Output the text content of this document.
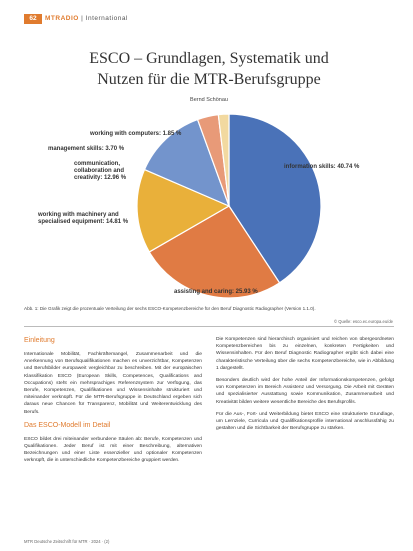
62	MTRADIO | International
ESCO – Grundlagen, Systematik und
Nutzen für die MTR-Berufsgruppe
Bernd Schönau
information skills: 40.74 %
assisting and caring: 25.93 %
working with machinery and specialised equipment: 14.81 %
communication, collaboration and creativity: 12.96 %
management skills: 3.70 %
working with computers: 1.85 %
Abb. 1: Die Grafik zeigt die prozentuale Verteilung der sechs ESCO-Kompetenzbereiche für den Beruf Diagnostic Radiographer (Version 1.1.0).
© Quelle: esco.ec.europa.eu/de
Einleitung

Internationale Mobilität, Fachkräftemangel, Zusammenarbeit und die Anerkennung von Berufsqualifikationen machen es unverzichtbar, Kompetenzen und Berufsbilder europaweit vergleichbar zu beschreiben. Mit der europäischen Klassifikation ESCO (European Skills, Competences, Qualifications and Occupations) steht ein mehrsprachiges Referenzsystem zur Verfügung, das Berufe, Kompetenzen, Qualifikationen und Wissensinhalte strukturiert und miteinander verknüpft. Für die MTR-Berufsgruppe in Deutschland ergeben sich daraus neue Chancen für Transparenz, Mobilität und Weiterentwicklung des Berufs.

Das ESCO-Modell im Detail

ESCO bildet drei miteinander verbundene Säulen ab: Berufe, Kompetenzen und Qualifikationen. Jeder Beruf ist mit einer Beschreibung, alternativen Bezeichnungen und einer Liste essenzieller und optionaler Kompetenzen verknüpft, die in unterschiedliche Kompetenzbereiche gruppiert werden.

Die Kompetenzen sind hierarchisch organisiert und reichen von übergeordneten Kompetenzbereichen bis zu einzelnen, konkreten Fertigkeiten und Wissensinhalten. Für den Beruf Diagnostic Radiographer ergibt sich dabei eine charakteristische Verteilung über die sechs Kompetenzbereiche, wie in Abbildung 1 dargestellt.

Besonders deutlich wird der hohe Anteil der Informationskompetenzen, gefolgt von Kompetenzen im Bereich Assistenz und Versorgung. Die Arbeit mit Geräten und spezialisierter Ausstattung sowie Kommunikation, Zusammenarbeit und Kreativität bilden weitere wesentliche Bereiche des Berufsprofils.

Für die Aus-, Fort- und Weiterbildung bietet ESCO eine strukturierte Grundlage, um Lernziele, Curricula und Qualifikationsprofile international anschlussfähig zu gestalten und die Sichtbarkeit der Berufsgruppe zu stärken.

MTR Deutsche Zeitschrift für MTR · 2024 · (2)
